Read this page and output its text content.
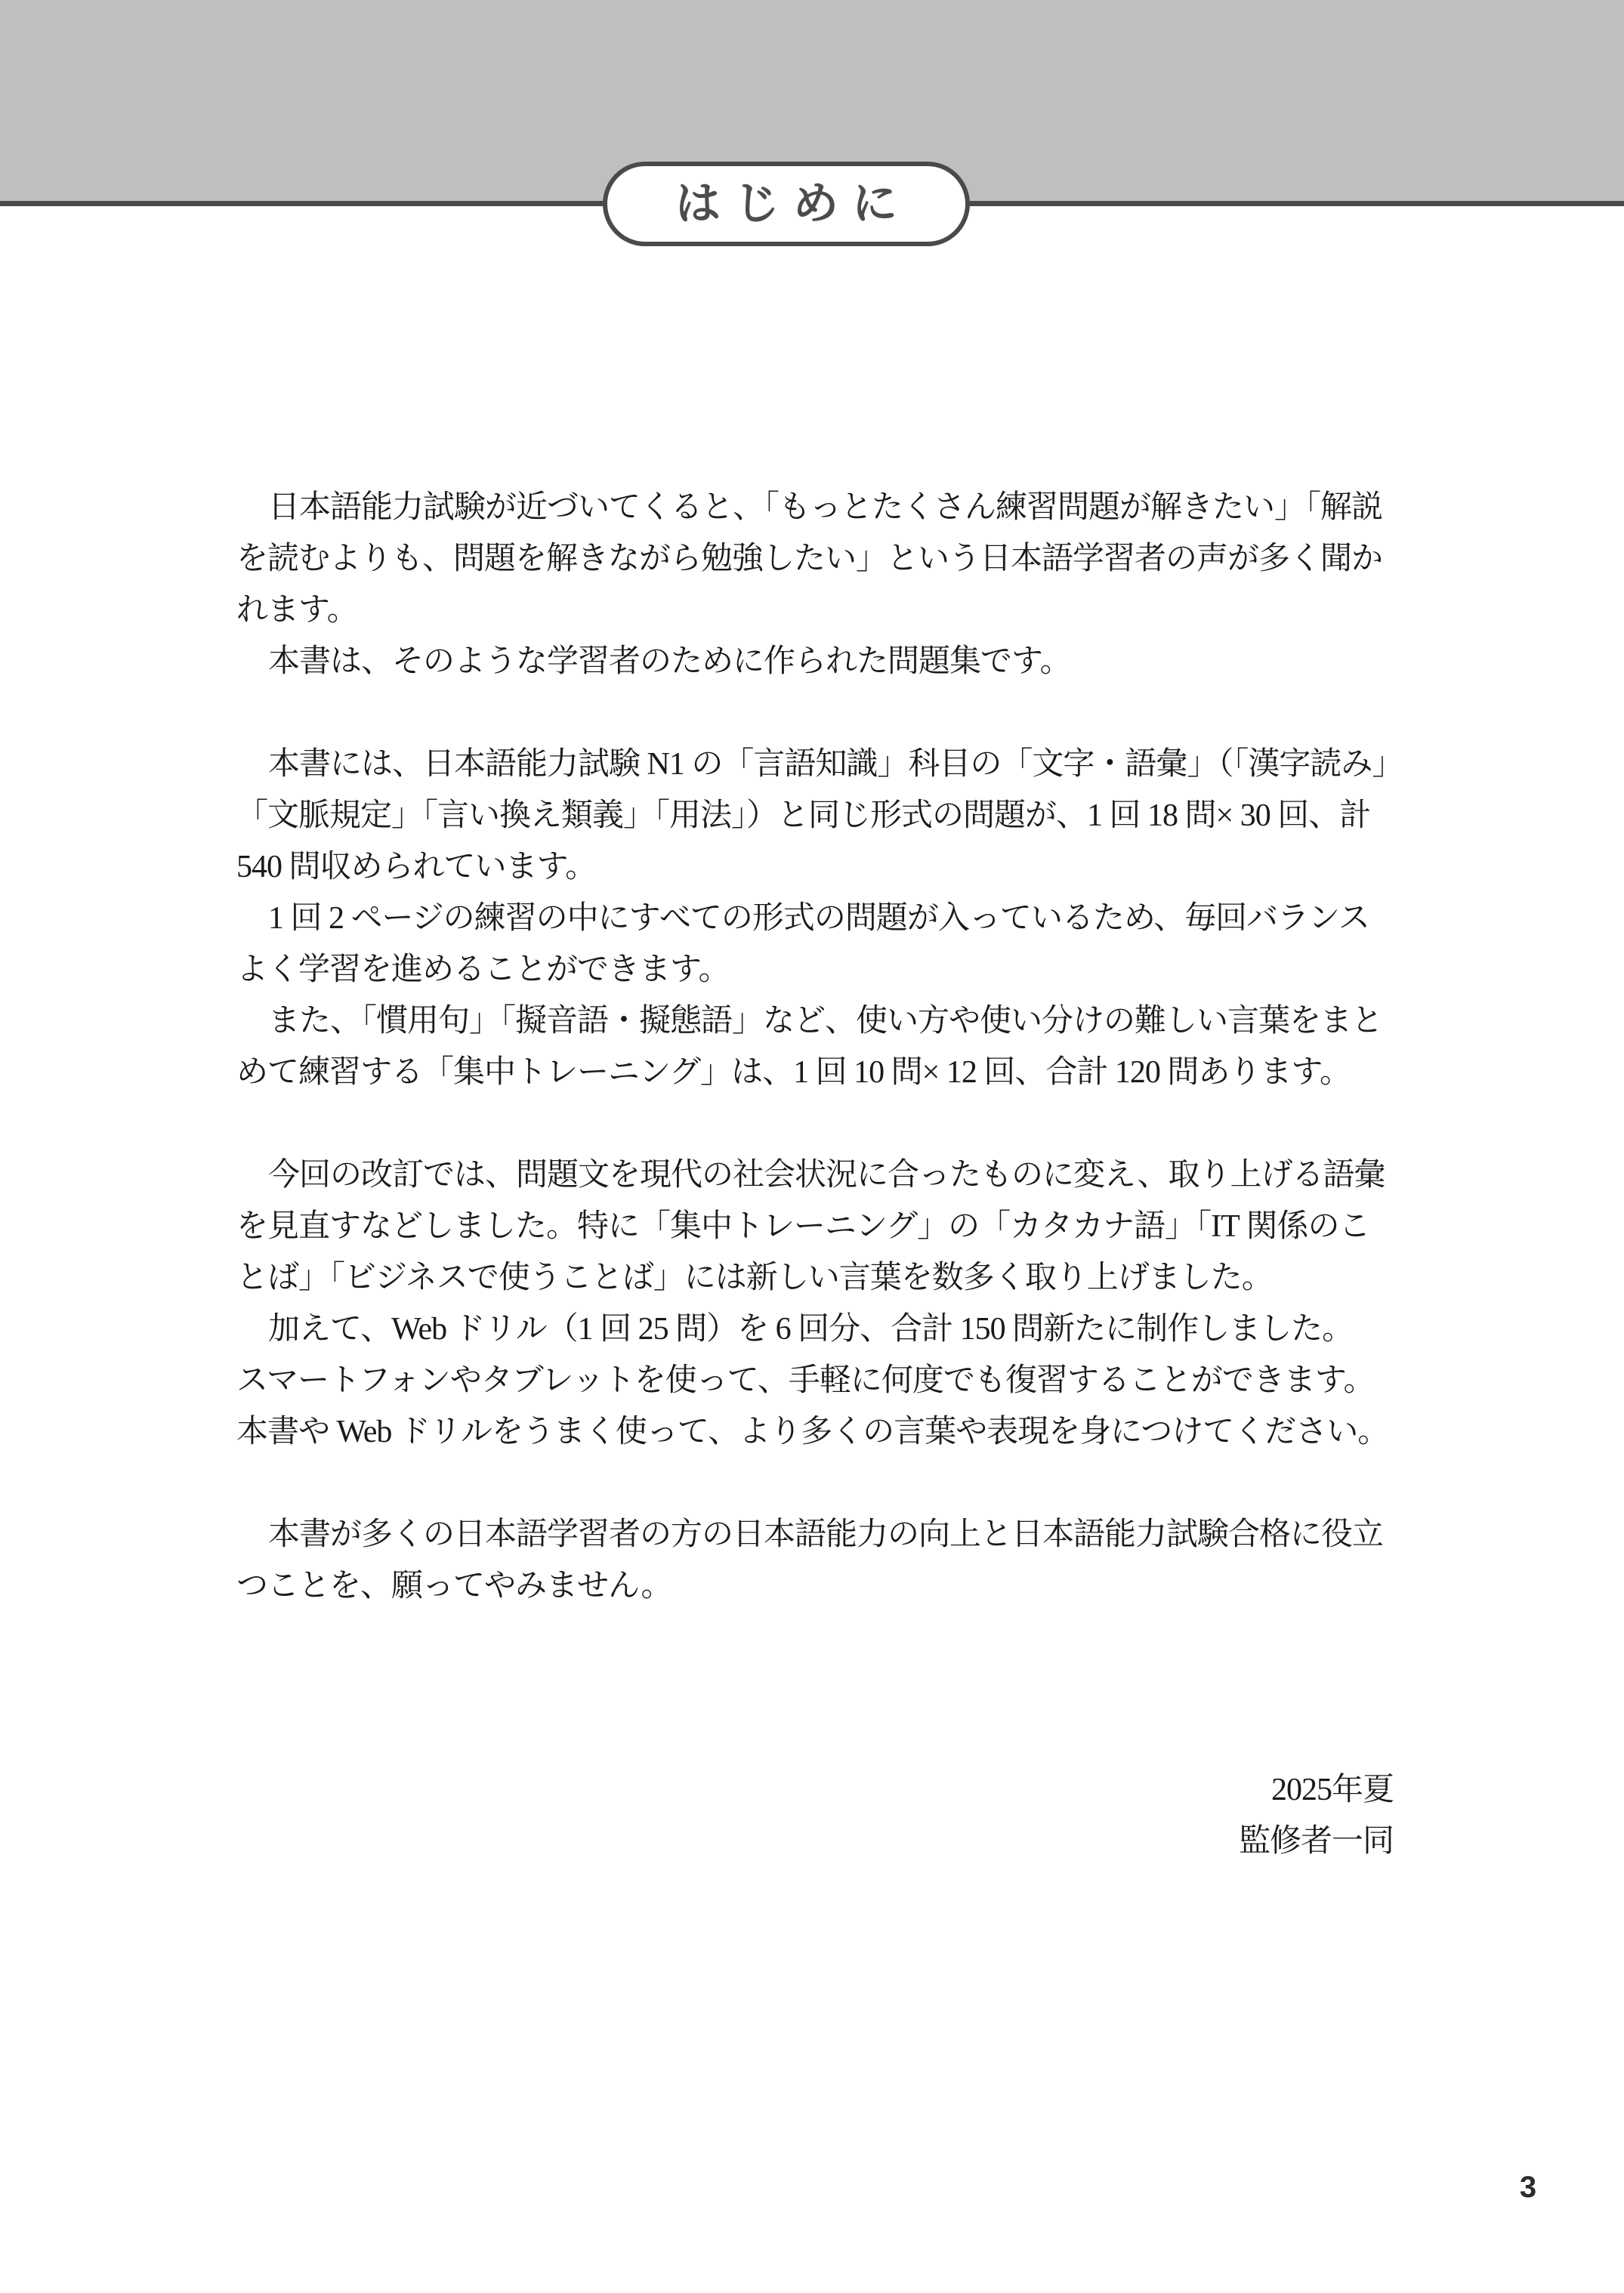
はじめに
日本語能力試験が近づいてくると、「もっとたくさん練習問題が解きたい」「解説
を読むよりも、問題を解きながら勉強したい」という日本語学習者の声が多く聞か
れます。
本書は、そのような学習者のために作られた問題集です。
本書には、日本語能力試験 N1 の「言語知識」科目の「文字・語彙」（「漢字読み」
「文脈規定」「言い換え類義」「用法」）と同じ形式の問題が、1 回 18 問× 30 回、計
540 問収められています。
1 回 2 ページの練習の中にすべての形式の問題が入っているため、毎回バランス
よく学習を進めることができます。
また、「慣用句」「擬音語・擬態語」など、使い方や使い分けの難しい言葉をまと
めて練習する「集中トレーニング」は、1 回 10 問× 12 回、合計 120 問あります。
今回の改訂では、問題文を現代の社会状況に合ったものに変え、取り上げる語彙
を見直すなどしました。特に「集中トレーニング」の「カタカナ語」「IT 関係のこ
とば」「ビジネスで使うことば」には新しい言葉を数多く取り上げました。
加えて、Web ドリル（1 回 25 問）を 6 回分、合計 150 問新たに制作しました。
スマートフォンやタブレットを使って、手軽に何度でも復習することができます。
本書や Web ドリルをうまく使って、より多くの言葉や表現を身につけてください。
本書が多くの日本語学習者の方の日本語能力の向上と日本語能力試験合格に役立
つことを、願ってやみません。
2025年夏
監修者一同
3
